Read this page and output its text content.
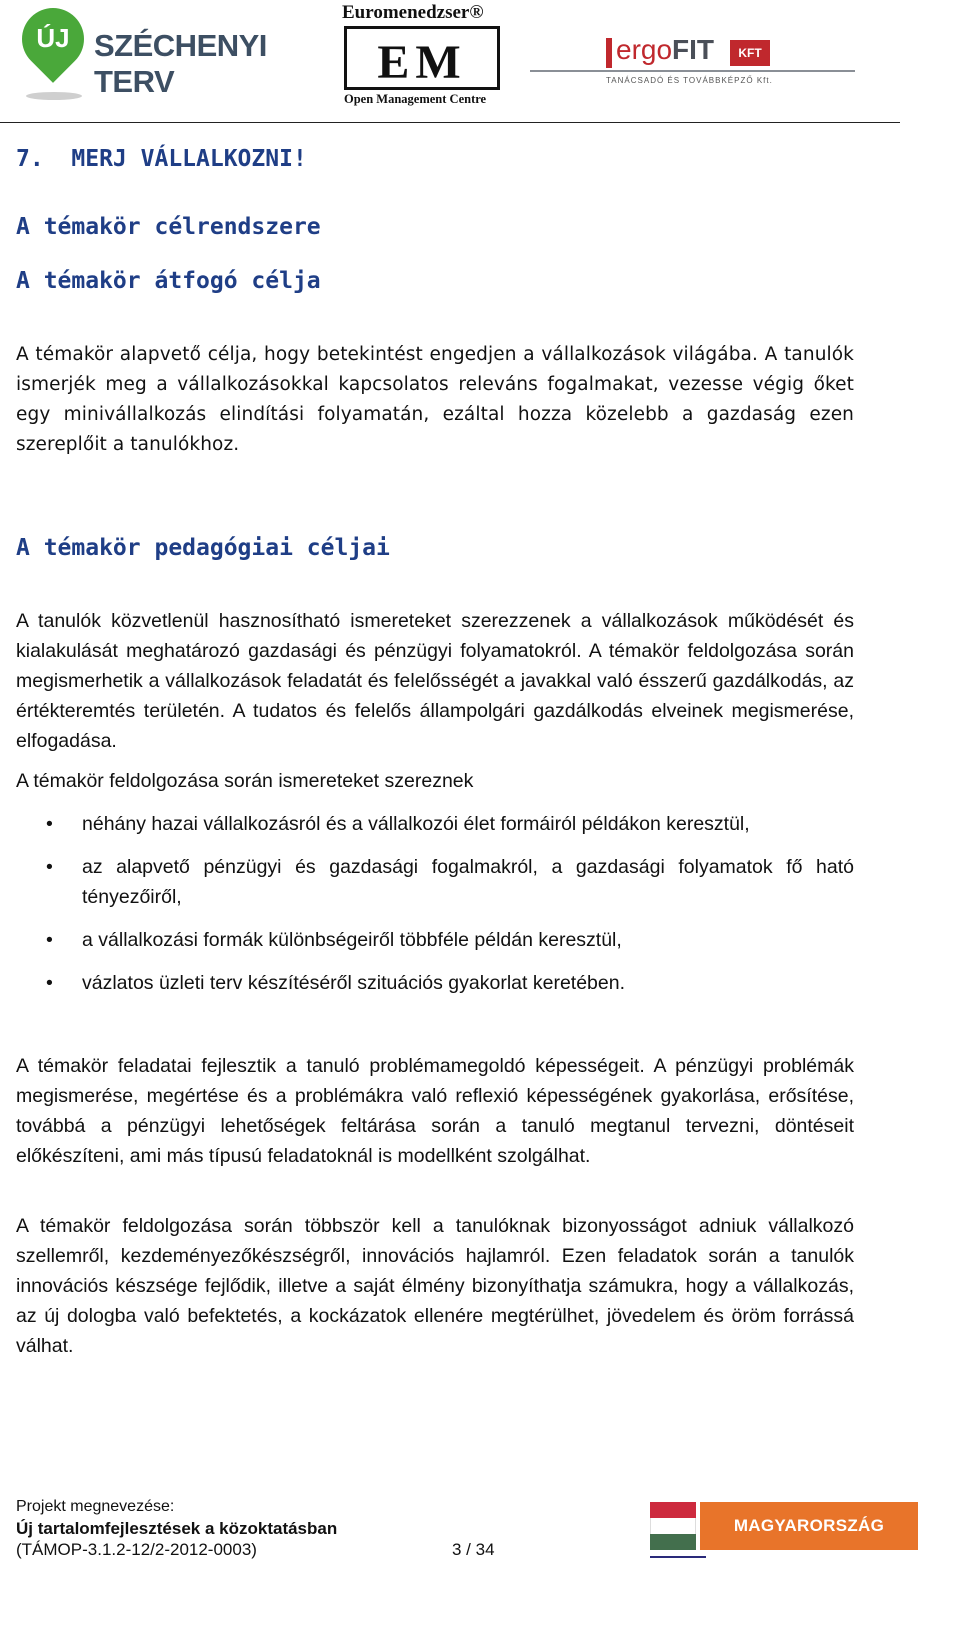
ÚJ SZÉCHENYI TERV
Euromenedzser®
EM
Open Management Centre
ergoFIT	KFT
TANÁCSADÓ ÉS TOVÁBBKÉPZŐ Kft.
7.  MERJ VÁLLALKOZNI!
A témakör célrendszere
A témakör átfogó célja
A témakör alapvető célja, hogy betekintést engedjen a vállalkozások világába. A tanulók ismerjék meg a vállalkozásokkal kapcsolatos releváns fogalmakat, vezesse végig őket egy minivállalkozás elindítási folyamatán, ezáltal hozza közelebb a gazdaság ezen szereplőit a tanulókhoz.
A témakör pedagógiai céljai
A tanulók közvetlenül hasznosítható ismereteket szerezzenek a vállalkozások működését és kialakulását meghatározó gazdasági és pénzügyi folyamatokról. A témakör feldolgozása során megismerhetik a vállalkozások feladatát és felelősségét a javakkal való ésszerű gazdálkodás, az értékteremtés területén. A tudatos és felelős állampolgári gazdálkodás elveinek megismerése, elfogadása.
A témakör feldolgozása során ismereteket szereznek
• néhány hazai vállalkozásról és a vállalkozói élet formáiról példákon keresztül,
• az alapvető pénzügyi és gazdasági fogalmakról, a gazdasági folyamatok fő ható tényezőiről,
• a vállalkozási formák különbségeiről többféle példán keresztül,
• vázlatos üzleti terv készítéséről szituációs gyakorlat keretében.
A témakör feladatai fejlesztik a tanuló problémamegoldó képességeit. A pénzügyi problémák megismerése, megértése és a problémákra való reflexió képességének gyakorlása, erősítése, továbbá a pénzügyi lehetőségek feltárása során a tanuló megtanul tervezni, döntéseit előkészíteni, ami más típusú feladatoknál is modellként szolgálhat.
A témakör feldolgozása során többször kell a tanulóknak bizonyosságot adniuk vállalkozó szellemről, kezdeményezőkészségről, innovációs hajlamról. Ezen feladatok során a tanulók innovációs készsége fejlődik, illetve a saját élmény bizonyíthatja számukra, hogy a vállalkozás, az új dologba való befektetés, a kockázatok ellenére megtérülhet, jövedelem és öröm forrássá válhat.
Projekt megnevezése:
Új tartalomfejlesztések a közoktatásban
(TÁMOP-3.1.2-12/2-2012-0003)	3 / 34
MAGYARORSZÁG MEGÚJUL
